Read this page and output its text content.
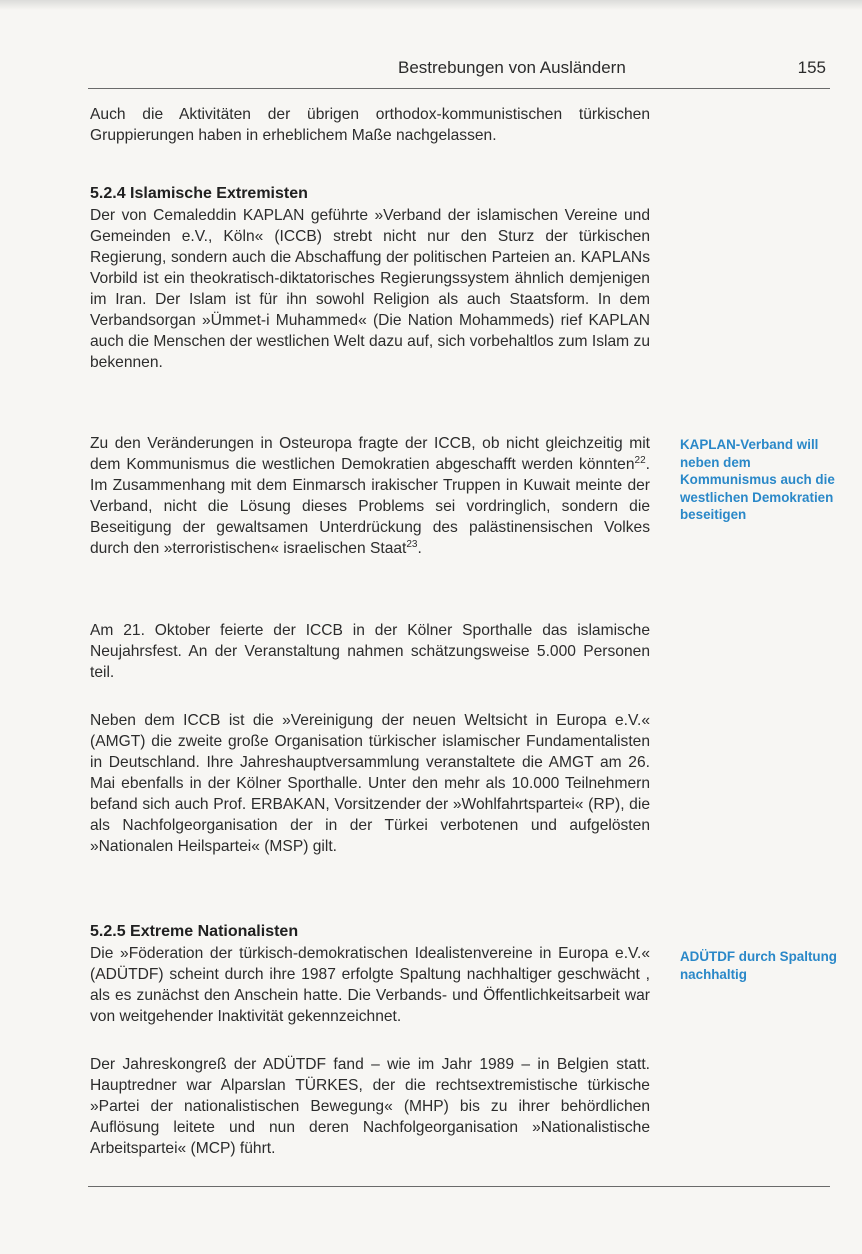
Bestrebungen von Ausländern	155

Auch die Aktivitäten der übrigen orthodox-kommunistischen türkischen Gruppierungen haben in erheblichem Maße nachgelassen.

5.2.4 Islamische Extremisten

Der von Cemaleddin KAPLAN geführte »Verband der islamischen Vereine und Gemeinden e.V., Köln« (ICCB) strebt nicht nur den Sturz der türkischen Regierung, sondern auch die Abschaffung der politischen Parteien an. KAPLANs Vorbild ist ein theokratisch-diktatorisches Regierungssystem ähnlich demjenigen im Iran. Der Islam ist für ihn sowohl Religion als auch Staatsform. In dem Verbandsorgan »Ümmet-i Muhammed« (Die Nation Mohammeds) rief KAPLAN auch die Menschen der westlichen Welt dazu auf, sich vorbehaltlos zum Islam zu bekennen.

Zu den Veränderungen in Osteuropa fragte der ICCB, ob nicht gleichzeitig mit dem Kommunismus die westlichen Demokratien abgeschafft werden könnten$^{22}$. Im Zusammenhang mit dem Einmarsch irakischer Truppen in Kuwait meinte der Verband, nicht die Lösung dieses Problems sei vordringlich, sondern die Beseitigung der gewaltsamen Unterdrückung des palästinensischen Volkes durch den »terroristischen« israelischen Staat$^{23}$.

KAPLAN-Verband will neben dem Kommunismus auch die westlichen Demokratien beseitigen

Am 21. Oktober feierte der ICCB in der Kölner Sporthalle das islamische Neujahrsfest. An der Veranstaltung nahmen schätzungsweise 5.000 Personen teil.

Neben dem ICCB ist die »Vereinigung der neuen Weltsicht in Europa e.V.« (AMGT) die zweite große Organisation türkischer islamischer Fundamentalisten in Deutschland. Ihre Jahreshauptversammlung veranstaltete die AMGT am 26. Mai ebenfalls in der Kölner Sporthalle. Unter den mehr als 10.000 Teilnehmern befand sich auch Prof. ERBAKAN, Vorsitzender der »Wohlfahrtspartei« (RP), die als Nachfolgeorganisation der in der Türkei verbotenen und aufgelösten »Nationalen Heilspartei« (MSP) gilt.

5.2.5 Extreme Nationalisten

Die »Föderation der türkisch-demokratischen Idealistenvereine in Europa e.V.« (ADÜTDF) scheint durch ihre 1987 erfolgte Spaltung nachhaltiger geschwächt , als es zunächst den Anschein hatte. Die Verbands- und Öffentlichkeitsarbeit war von weitgehender Inaktivität gekennzeichnet.

ADÜTDF durch Spaltung nachhaltig

Der Jahreskongreß der ADÜTDF fand – wie im Jahr 1989 – in Belgien statt. Hauptredner war Alparslan TÜRKES, der die rechtsextremistische türkische »Partei der nationalistischen Bewegung« (MHP) bis zu ihrer behördlichen Auflösung leitete und nun deren Nachfolgeorganisation »Nationalistische Arbeitspartei« (MCP) führt.
